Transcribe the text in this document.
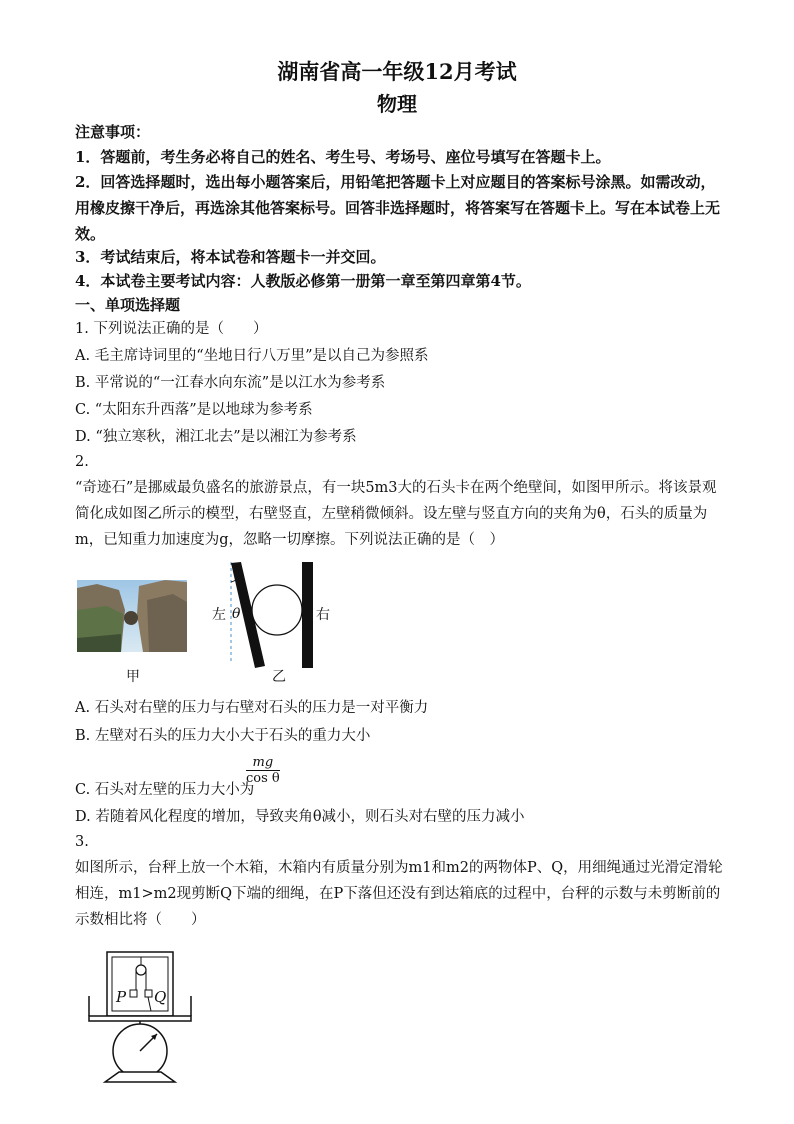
湖南省高一年级12月考试
物理
注意事项：
1．答题前，考生务必将自己的姓名、考生号、考场号、座位号填写在答题卡上。
2．回答选择题时，选出每小题答案后，用铅笔把答题卡上对应题目的答案标号涂黑。如需改动，用橡皮擦干净后，再选涂其他答案标号。回答非选择题时，将答案写在答题卡上。写在本试卷上无效。
3．考试结束后，将本试卷和答题卡一并交回。
4．本试卷主要考试内容：人教版必修第一册第一章至第四章第4节。
一、单项选择题
1. 下列说法正确的是（　　）
A. 毛主席诗词里的“坐地日行八万里”是以自己为参照系
B. 平常说的“一江春水向东流”是以江水为参考系
C. “太阳东升西落”是以地球为参考系
D. “独立寒秋，湘江北去”是以湘江为参考系
2.
“奇迹石”是挪威最负盛名的旅游景点，有一块5m3大的石头卡在两个绝壁间，如图甲所示。将该景观简化成如图乙所示的模型，右壁竖直，左壁稍微倾斜。设左壁与竖直方向的夹角为θ，石头的质量为m，已知重力加速度为g，忽略一切摩擦。下列说法正确的是（　）
甲
左 θ	右
乙
A. 石头对右壁的压力与右壁对石头的压力是一对平衡力
B. 左壁对石头的压力大小大于石头的重力大小
C. 石头对左壁的压力大小为
$\frac{mg}{\text{cos θ}}$
D. 若随着风化程度的增加，导致夹角θ减小，则石头对右壁的压力减小
3.
如图所示，台秤上放一个木箱，木箱内有质量分别为m1和m2的两物体P、Q，用细绳通过光滑定滑轮相连，m1>m2现剪断Q下端的细绳，在P下落但还没有到达箱底的过程中，台秤的示数与未剪断前的示数相比将（　　）
P Q
